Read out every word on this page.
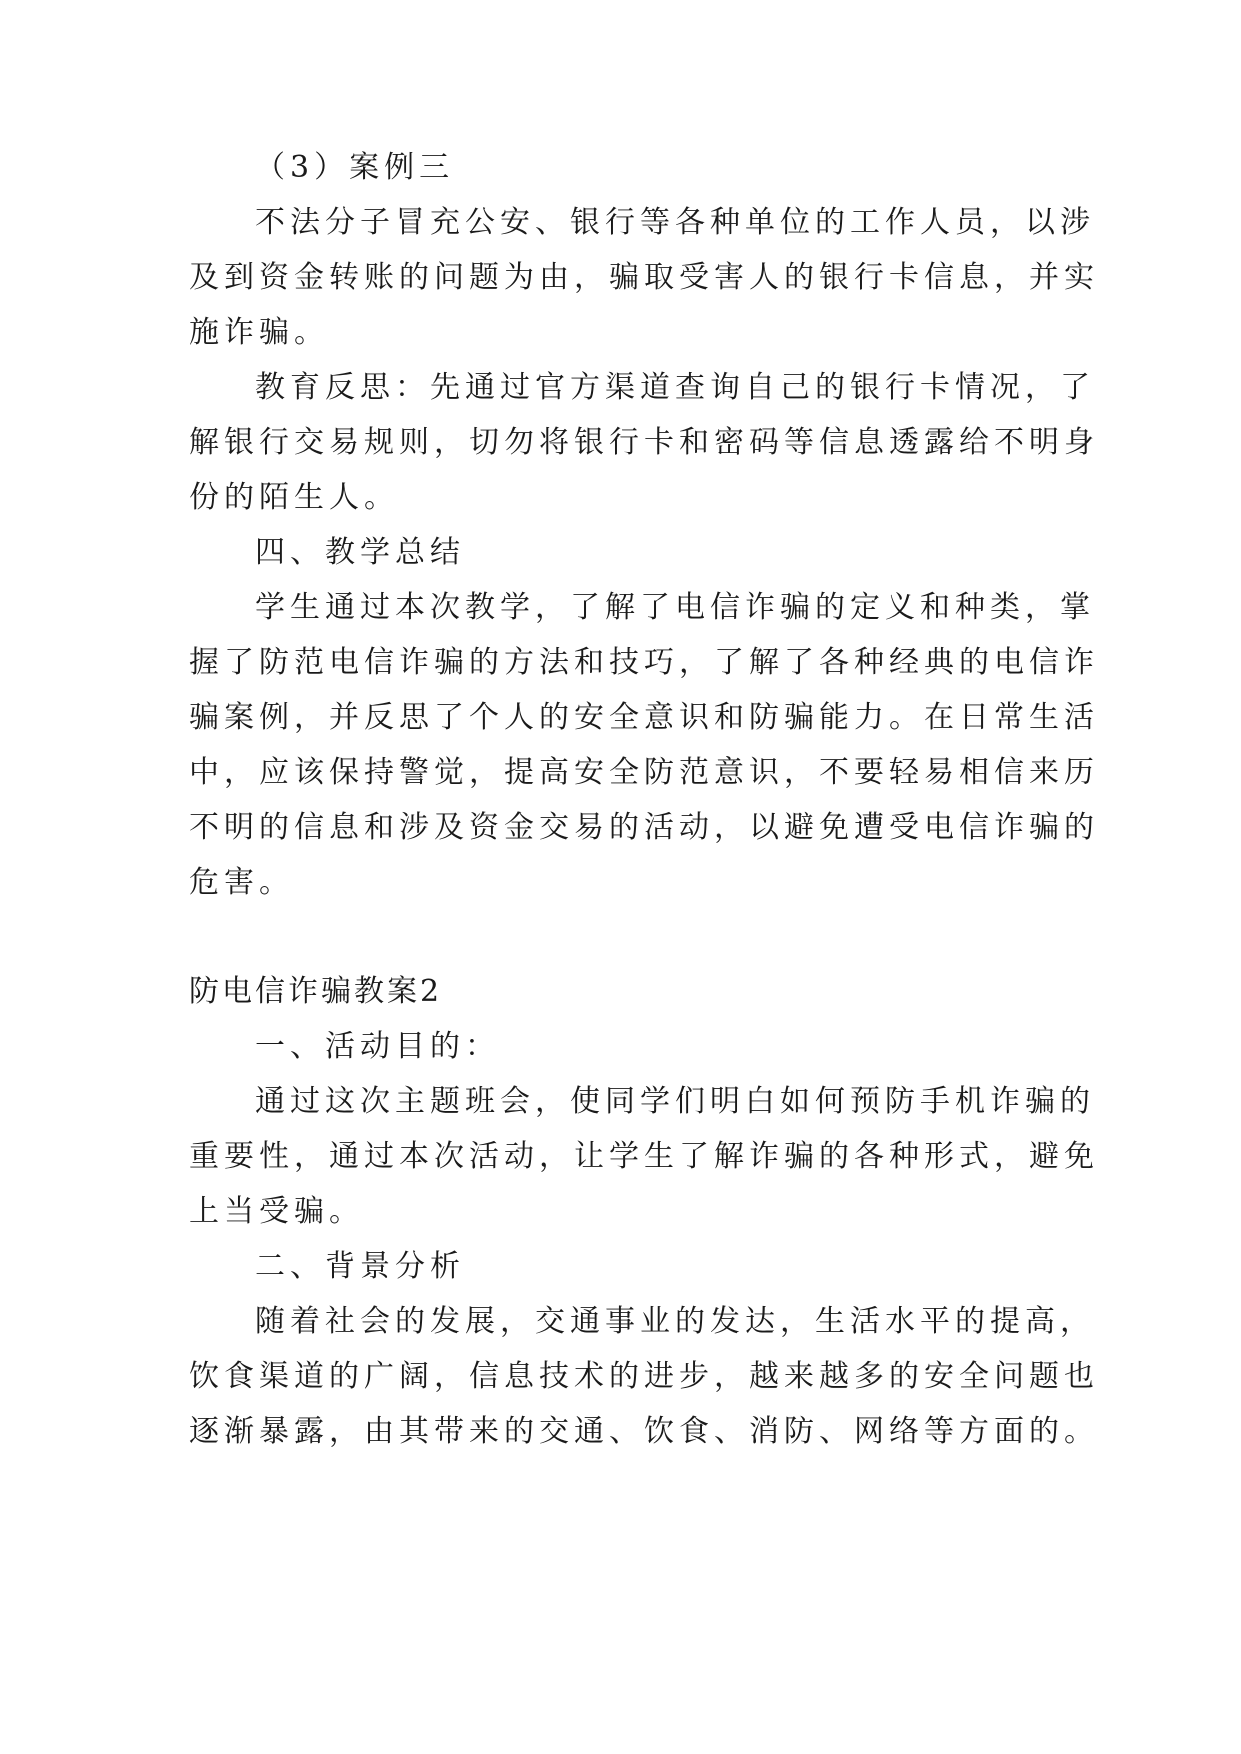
（3）案例三
不法分子冒充公安、银行等各种单位的工作人员，以涉
及到资金转账的问题为由，骗取受害人的银行卡信息，并实
施诈骗。
教育反思：先通过官方渠道查询自己的银行卡情况，了
解银行交易规则，切勿将银行卡和密码等信息透露给不明身
份的陌生人。
四、教学总结
学生通过本次教学，了解了电信诈骗的定义和种类，掌
握了防范电信诈骗的方法和技巧，了解了各种经典的电信诈
骗案例，并反思了个人的安全意识和防骗能力。在日常生活
中，应该保持警觉，提高安全防范意识，不要轻易相信来历
不明的信息和涉及资金交易的活动，以避免遭受电信诈骗的
危害。
防电信诈骗教案2
一、活动目的：
通过这次主题班会，使同学们明白如何预防手机诈骗的
重要性，通过本次活动，让学生了解诈骗的各种形式，避免
上当受骗。
二、背景分析
随着社会的发展，交通事业的发达，生活水平的提高，
饮食渠道的广阔，信息技术的进步，越来越多的安全问题也
逐渐暴露，由其带来的交通、饮食、消防、网络等方面的。
